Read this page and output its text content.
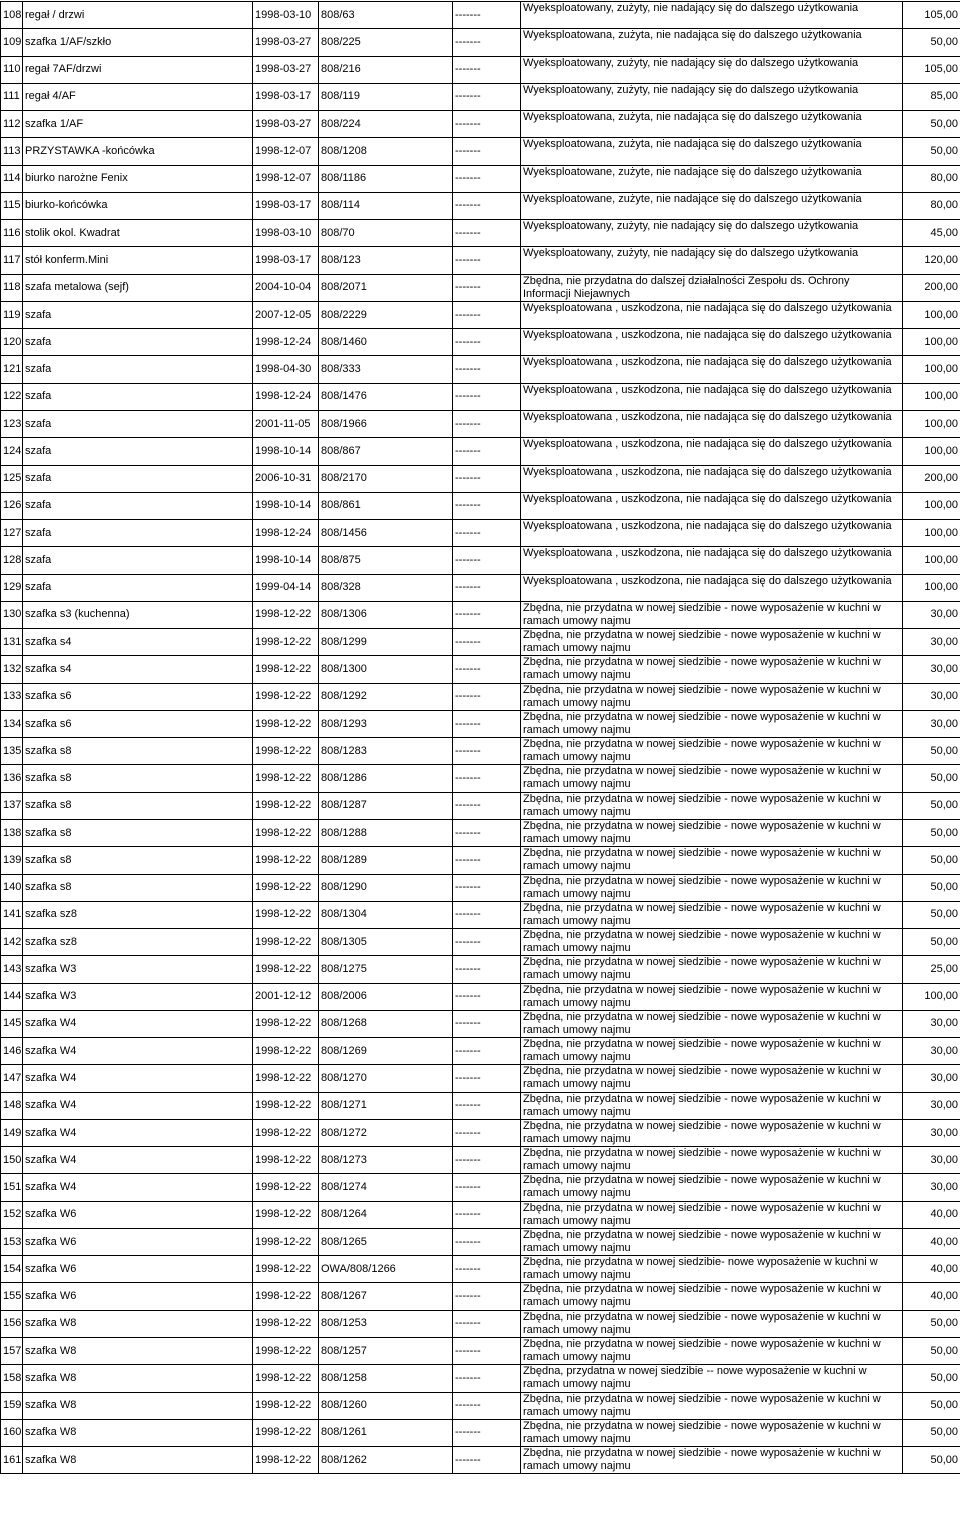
108	regał / drzwi	1998-03-10	808/63	-------	Wyeksploatowany, zużyty, nie nadający się do dalszego użytkowania	105,00
109	szafka 1/AF/szkło	1998-03-27	808/225	-------	Wyeksploatowana, zużyta, nie nadająca się do dalszego użytkowania	50,00
110	regał 7AF/drzwi	1998-03-27	808/216	-------	Wyeksploatowany, zużyty, nie nadający się do dalszego użytkowania	105,00
111	regał 4/AF	1998-03-17	808/119	-------	Wyeksploatowany, zużyty, nie nadający się do dalszego użytkowania	85,00
112	szafka 1/AF	1998-03-27	808/224	-------	Wyeksploatowana, zużyta, nie nadająca się do dalszego użytkowania	50,00
113	PRZYSTAWKA -końcówka	1998-12-07	808/1208	-------	Wyeksploatowana, zużyta, nie nadająca się do dalszego użytkowania	50,00
114	biurko narożne Fenix	1998-12-07	808/1186	-------	Wyeksploatowane, zużyte, nie nadające się do dalszego użytkowania	80,00
115	biurko-końcówka	1998-03-17	808/114	-------	Wyeksploatowane, zużyte, nie nadające się do dalszego użytkowania	80,00
116	stolik okol. Kwadrat	1998-03-10	808/70	-------	Wyeksploatowany, zużyty, nie nadający się do dalszego użytkowania	45,00
117	stół konferm.Mini	1998-03-17	808/123	-------	Wyeksploatowany, zużyty, nie nadający się do dalszego użytkowania	120,00
118	szafa metalowa (sejf)	2004-10-04	808/2071	-------	Zbędna, nie przydatna do dalszej działalności Zespołu ds. Ochrony Informacji Niejawnych	200,00
119	szafa	2007-12-05	808/2229	-------	Wyeksploatowana , uszkodzona, nie nadająca się do dalszego użytkowania	100,00
120	szafa	1998-12-24	808/1460	-------	Wyeksploatowana , uszkodzona, nie nadająca się do dalszego użytkowania	100,00
121	szafa	1998-04-30	808/333	-------	Wyeksploatowana , uszkodzona, nie nadająca się do dalszego użytkowania	100,00
122	szafa	1998-12-24	808/1476	-------	Wyeksploatowana , uszkodzona, nie nadająca się do dalszego użytkowania	100,00
123	szafa	2001-11-05	808/1966	-------	Wyeksploatowana , uszkodzona, nie nadająca się do dalszego użytkowania	100,00
124	szafa	1998-10-14	808/867	-------	Wyeksploatowana , uszkodzona, nie nadająca się do dalszego użytkowania	100,00
125	szafa	2006-10-31	808/2170	-------	Wyeksploatowana , uszkodzona, nie nadająca się do dalszego użytkowania	200,00
126	szafa	1998-10-14	808/861	-------	Wyeksploatowana , uszkodzona, nie nadająca się do dalszego użytkowania	100,00
127	szafa	1998-12-24	808/1456	-------	Wyeksploatowana , uszkodzona, nie nadająca się do dalszego użytkowania	100,00
128	szafa	1998-10-14	808/875	-------	Wyeksploatowana , uszkodzona, nie nadająca się do dalszego użytkowania	100,00
129	szafa	1999-04-14	808/328	-------	Wyeksploatowana , uszkodzona, nie nadająca się do dalszego użytkowania	100,00
130	szafka s3 (kuchenna)	1998-12-22	808/1306	-------	Zbędna, nie przydatna w nowej siedzibie - nowe wyposażenie w kuchni w ramach umowy najmu	30,00
131	szafka s4	1998-12-22	808/1299	-------	Zbędna, nie przydatna w nowej siedzibie - nowe wyposażenie w kuchni w ramach umowy najmu	30,00
132	szafka s4	1998-12-22	808/1300	-------	Zbędna, nie przydatna w nowej siedzibie - nowe wyposażenie w kuchni w ramach umowy najmu	30,00
133	szafka s6	1998-12-22	808/1292	-------	Zbędna, nie przydatna w nowej siedzibie - nowe wyposażenie w kuchni w ramach umowy najmu	30,00
134	szafka s6	1998-12-22	808/1293	-------	Zbędna, nie przydatna w nowej siedzibie - nowe wyposażenie w kuchni w ramach umowy najmu	30,00
135	szafka s8	1998-12-22	808/1283	-------	Zbędna, nie przydatna w nowej siedzibie - nowe wyposażenie w kuchni w ramach umowy najmu	50,00
136	szafka s8	1998-12-22	808/1286	-------	Zbędna, nie przydatna w nowej siedzibie - nowe wyposażenie w kuchni w ramach umowy najmu	50,00
137	szafka s8	1998-12-22	808/1287	-------	Zbędna, nie przydatna w nowej siedzibie - nowe wyposażenie w kuchni w ramach umowy najmu	50,00
138	szafka s8	1998-12-22	808/1288	-------	Zbędna, nie przydatna w nowej siedzibie - nowe wyposażenie w kuchni w ramach umowy najmu	50,00
139	szafka s8	1998-12-22	808/1289	-------	Zbędna, nie przydatna w nowej siedzibie - nowe wyposażenie w kuchni w ramach umowy najmu	50,00
140	szafka s8	1998-12-22	808/1290	-------	Zbędna, nie przydatna w nowej siedzibie - nowe wyposażenie w kuchni w ramach umowy najmu	50,00
141	szafka sz8	1998-12-22	808/1304	-------	Zbędna, nie przydatna w nowej siedzibie - nowe wyposażenie w kuchni w ramach umowy najmu	50,00
142	szafka sz8	1998-12-22	808/1305	-------	Zbędna, nie przydatna w nowej siedzibie - nowe wyposażenie w kuchni w ramach umowy najmu	50,00
143	szafka W3	1998-12-22	808/1275	-------	Zbędna, nie przydatna w nowej siedzibie - nowe wyposażenie w kuchni w ramach umowy najmu	25,00
144	szafka W3	2001-12-12	808/2006	-------	Zbędna, nie przydatna w nowej siedzibie - nowe wyposażenie w kuchni w ramach umowy najmu	100,00
145	szafka W4	1998-12-22	808/1268	-------	Zbędna, nie przydatna w nowej siedzibie - nowe wyposażenie w kuchni w ramach umowy najmu	30,00
146	szafka W4	1998-12-22	808/1269	-------	Zbędna, nie przydatna w nowej siedzibie - nowe wyposażenie w kuchni w ramach umowy najmu	30,00
147	szafka W4	1998-12-22	808/1270	-------	Zbędna, nie przydatna w nowej siedzibie - nowe wyposażenie w kuchni w ramach umowy najmu	30,00
148	szafka W4	1998-12-22	808/1271	-------	Zbędna, nie przydatna w nowej siedzibie - nowe wyposażenie w kuchni w ramach umowy najmu	30,00
149	szafka W4	1998-12-22	808/1272	-------	Zbędna, nie przydatna w nowej siedzibie - nowe wyposażenie w kuchni w ramach umowy najmu	30,00
150	szafka W4	1998-12-22	808/1273	-------	Zbędna, nie przydatna w nowej siedzibie - nowe wyposażenie w kuchni w ramach umowy najmu	30,00
151	szafka W4	1998-12-22	808/1274	-------	Zbędna, nie przydatna w nowej siedzibie - nowe wyposażenie w kuchni w ramach umowy najmu	30,00
152	szafka W6	1998-12-22	808/1264	-------	Zbędna, nie przydatna w nowej siedzibie - nowe wyposażenie w kuchni w ramach umowy najmu	40,00
153	szafka W6	1998-12-22	808/1265	-------	Zbędna, nie przydatna w nowej siedzibie - nowe wyposażenie w kuchni w ramach umowy najmu	40,00
154	szafka W6	1998-12-22	OWA/808/1266	-------	Zbędna, nie przydatna w nowej siedzibie- nowe wyposażenie w kuchni w ramach umowy najmu	40,00
155	szafka W6	1998-12-22	808/1267	-------	Zbędna, nie przydatna w nowej siedzibie - nowe wyposażenie w kuchni w ramach umowy najmu	40,00
156	szafka W8	1998-12-22	808/1253	-------	Zbędna, nie przydatna w nowej siedzibie - nowe wyposażenie w kuchni w ramach umowy najmu	50,00
157	szafka W8	1998-12-22	808/1257	-------	Zbędna, nie przydatna w nowej siedzibie - nowe wyposażenie w kuchni w ramach umowy najmu	50,00
158	szafka W8	1998-12-22	808/1258	-------	Zbędna, przydatna w nowej siedzibie -- nowe wyposażenie w kuchni w ramach umowy najmu	50,00
159	szafka W8	1998-12-22	808/1260	-------	Zbędna, nie przydatna w nowej siedzibie - nowe wyposażenie w kuchni w ramach umowy najmu	50,00
160	szafka W8	1998-12-22	808/1261	-------	Zbędna, nie przydatna w nowej siedzibie - nowe wyposażenie w kuchni w ramach umowy najmu	50,00
161	szafka W8	1998-12-22	808/1262	-------	Zbędna, nie przydatna w nowej siedzibie - nowe wyposażenie w kuchni w ramach umowy najmu	50,00
